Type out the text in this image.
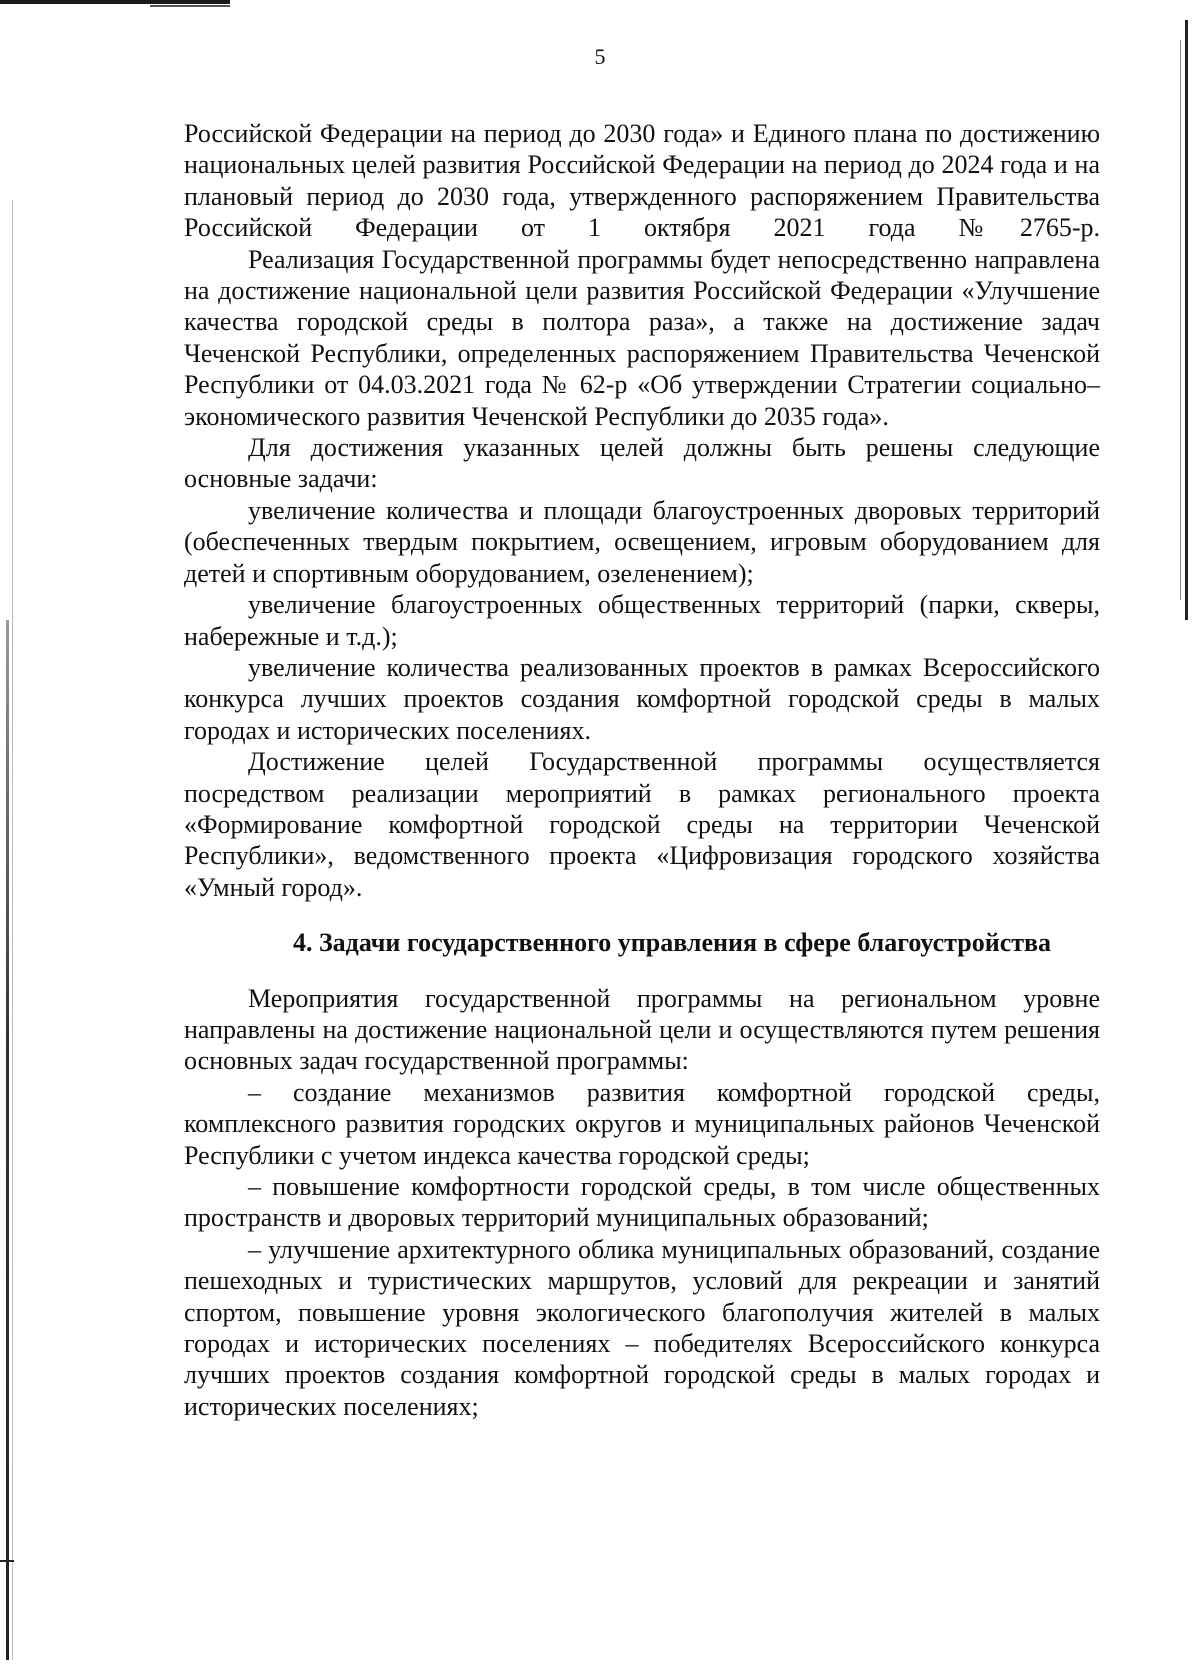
5

Российской Федерации на период до 2030 года» и Единого плана по достижению национальных целей развития Российской Федерации на период до 2024 года и на плановый период до 2030 года, утвержденного распоряжением Правительства Российской Федерации от 1 октября 2021 года №2765-р.

Реализация Государственной программы будет непосредственно направлена на достижение национальной цели развития Российской Федерации «Улучшение качества городской среды в полтора раза», а также на достижение задач Чеченской Республики, определенных распоряжением Правительства Чеченской Республики от 04.03.2021 года № 62-р «Об утверждении Стратегии социально–экономического развития Чеченской Республики до 2035 года».

Для достижения указанных целей должны быть решены следующие основные задачи:

увеличение количества и площади благоустроенных дворовых территорий (обеспеченных твердым покрытием, освещением, игровым оборудованием для детей и спортивным оборудованием, озеленением);

увеличение благоустроенных общественных территорий (парки, скверы, набережные и т.д.);

увеличение количества реализованных проектов в рамках Всероссийского конкурса лучших проектов создания комфортной городской среды в малых городах и исторических поселениях.

Достижение целей Государственной программы осуществляется посредством реализации мероприятий в рамках регионального проекта «Формирование комфортной городской среды на территории Чеченской Республики», ведомственного проекта «Цифровизация городского хозяйства «Умный город».

4. Задачи государственного управления в сфере благоустройства

Мероприятия государственной программы на региональном уровне направлены на достижение национальной цели и осуществляются путем решения основных задач государственной программы:

– создание механизмов развития комфортной городской среды, комплексного развития городских округов и муниципальных районов Чеченской Республики с учетом индекса качества городской среды;

– повышение комфортности городской среды, в том числе общественных пространств и дворовых территорий муниципальных образований;

– улучшение архитектурного облика муниципальных образований, создание пешеходных и туристических маршрутов, условий для рекреации и занятий спортом, повышение уровня экологического благополучия жителей в малых городах и исторических поселениях – победителях Всероссийского конкурса лучших проектов создания комфортной городской среды в малых городах и исторических поселениях;
